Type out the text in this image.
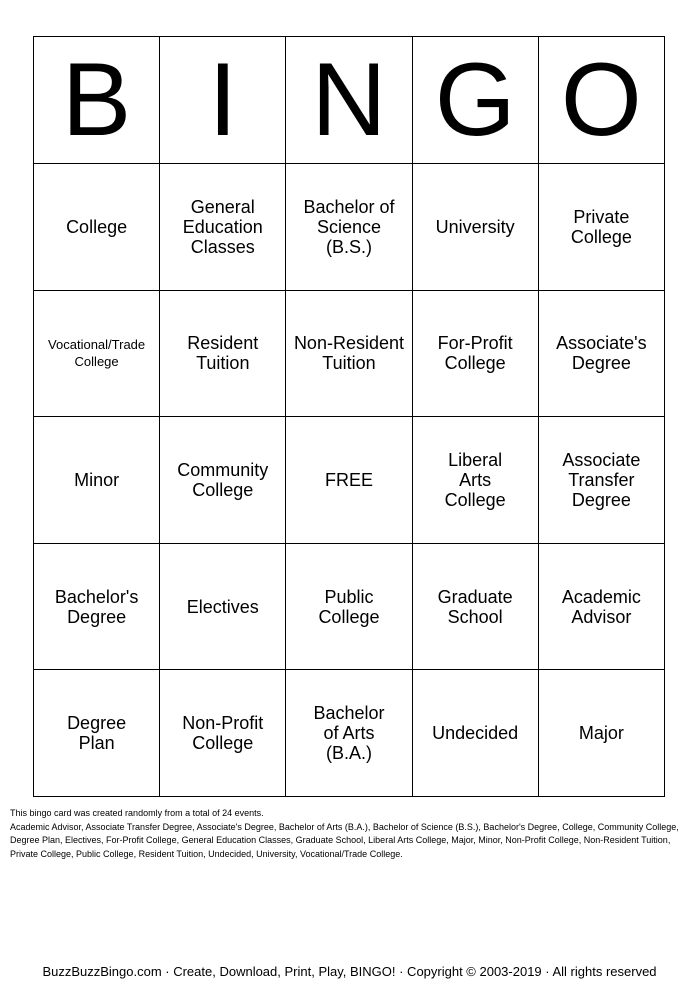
B	I	N	G	O
College	General Education Classes	Bachelor of Science (B.S.)	University	Private College
Vocational/Trade College	Resident Tuition	Non-Resident Tuition	For-Profit College	Associate's Degree
Minor	Community College	FREE	Liberal Arts College	Associate Transfer Degree
Bachelor's Degree	Electives	Public College	Graduate School	Academic Advisor
Degree Plan	Non-Profit College	Bachelor of Arts (B.A.)	Undecided	Major
This bingo card was created randomly from a total of 24 events.
Academic Advisor, Associate Transfer Degree, Associate's Degree, Bachelor of Arts (B.A.), Bachelor of Science (B.S.), Bachelor's Degree, College, Community College, Degree Plan, Electives, For-Profit College, General Education Classes, Graduate School, Liberal Arts College, Major, Minor, Non-Profit College, Non-Resident Tuition, Private College, Public College, Resident Tuition, Undecided, University, Vocational/Trade College.
BuzzBuzzBingo.com · Create, Download, Print, Play, BINGO! · Copyright © 2003-2019 · All rights reserved
